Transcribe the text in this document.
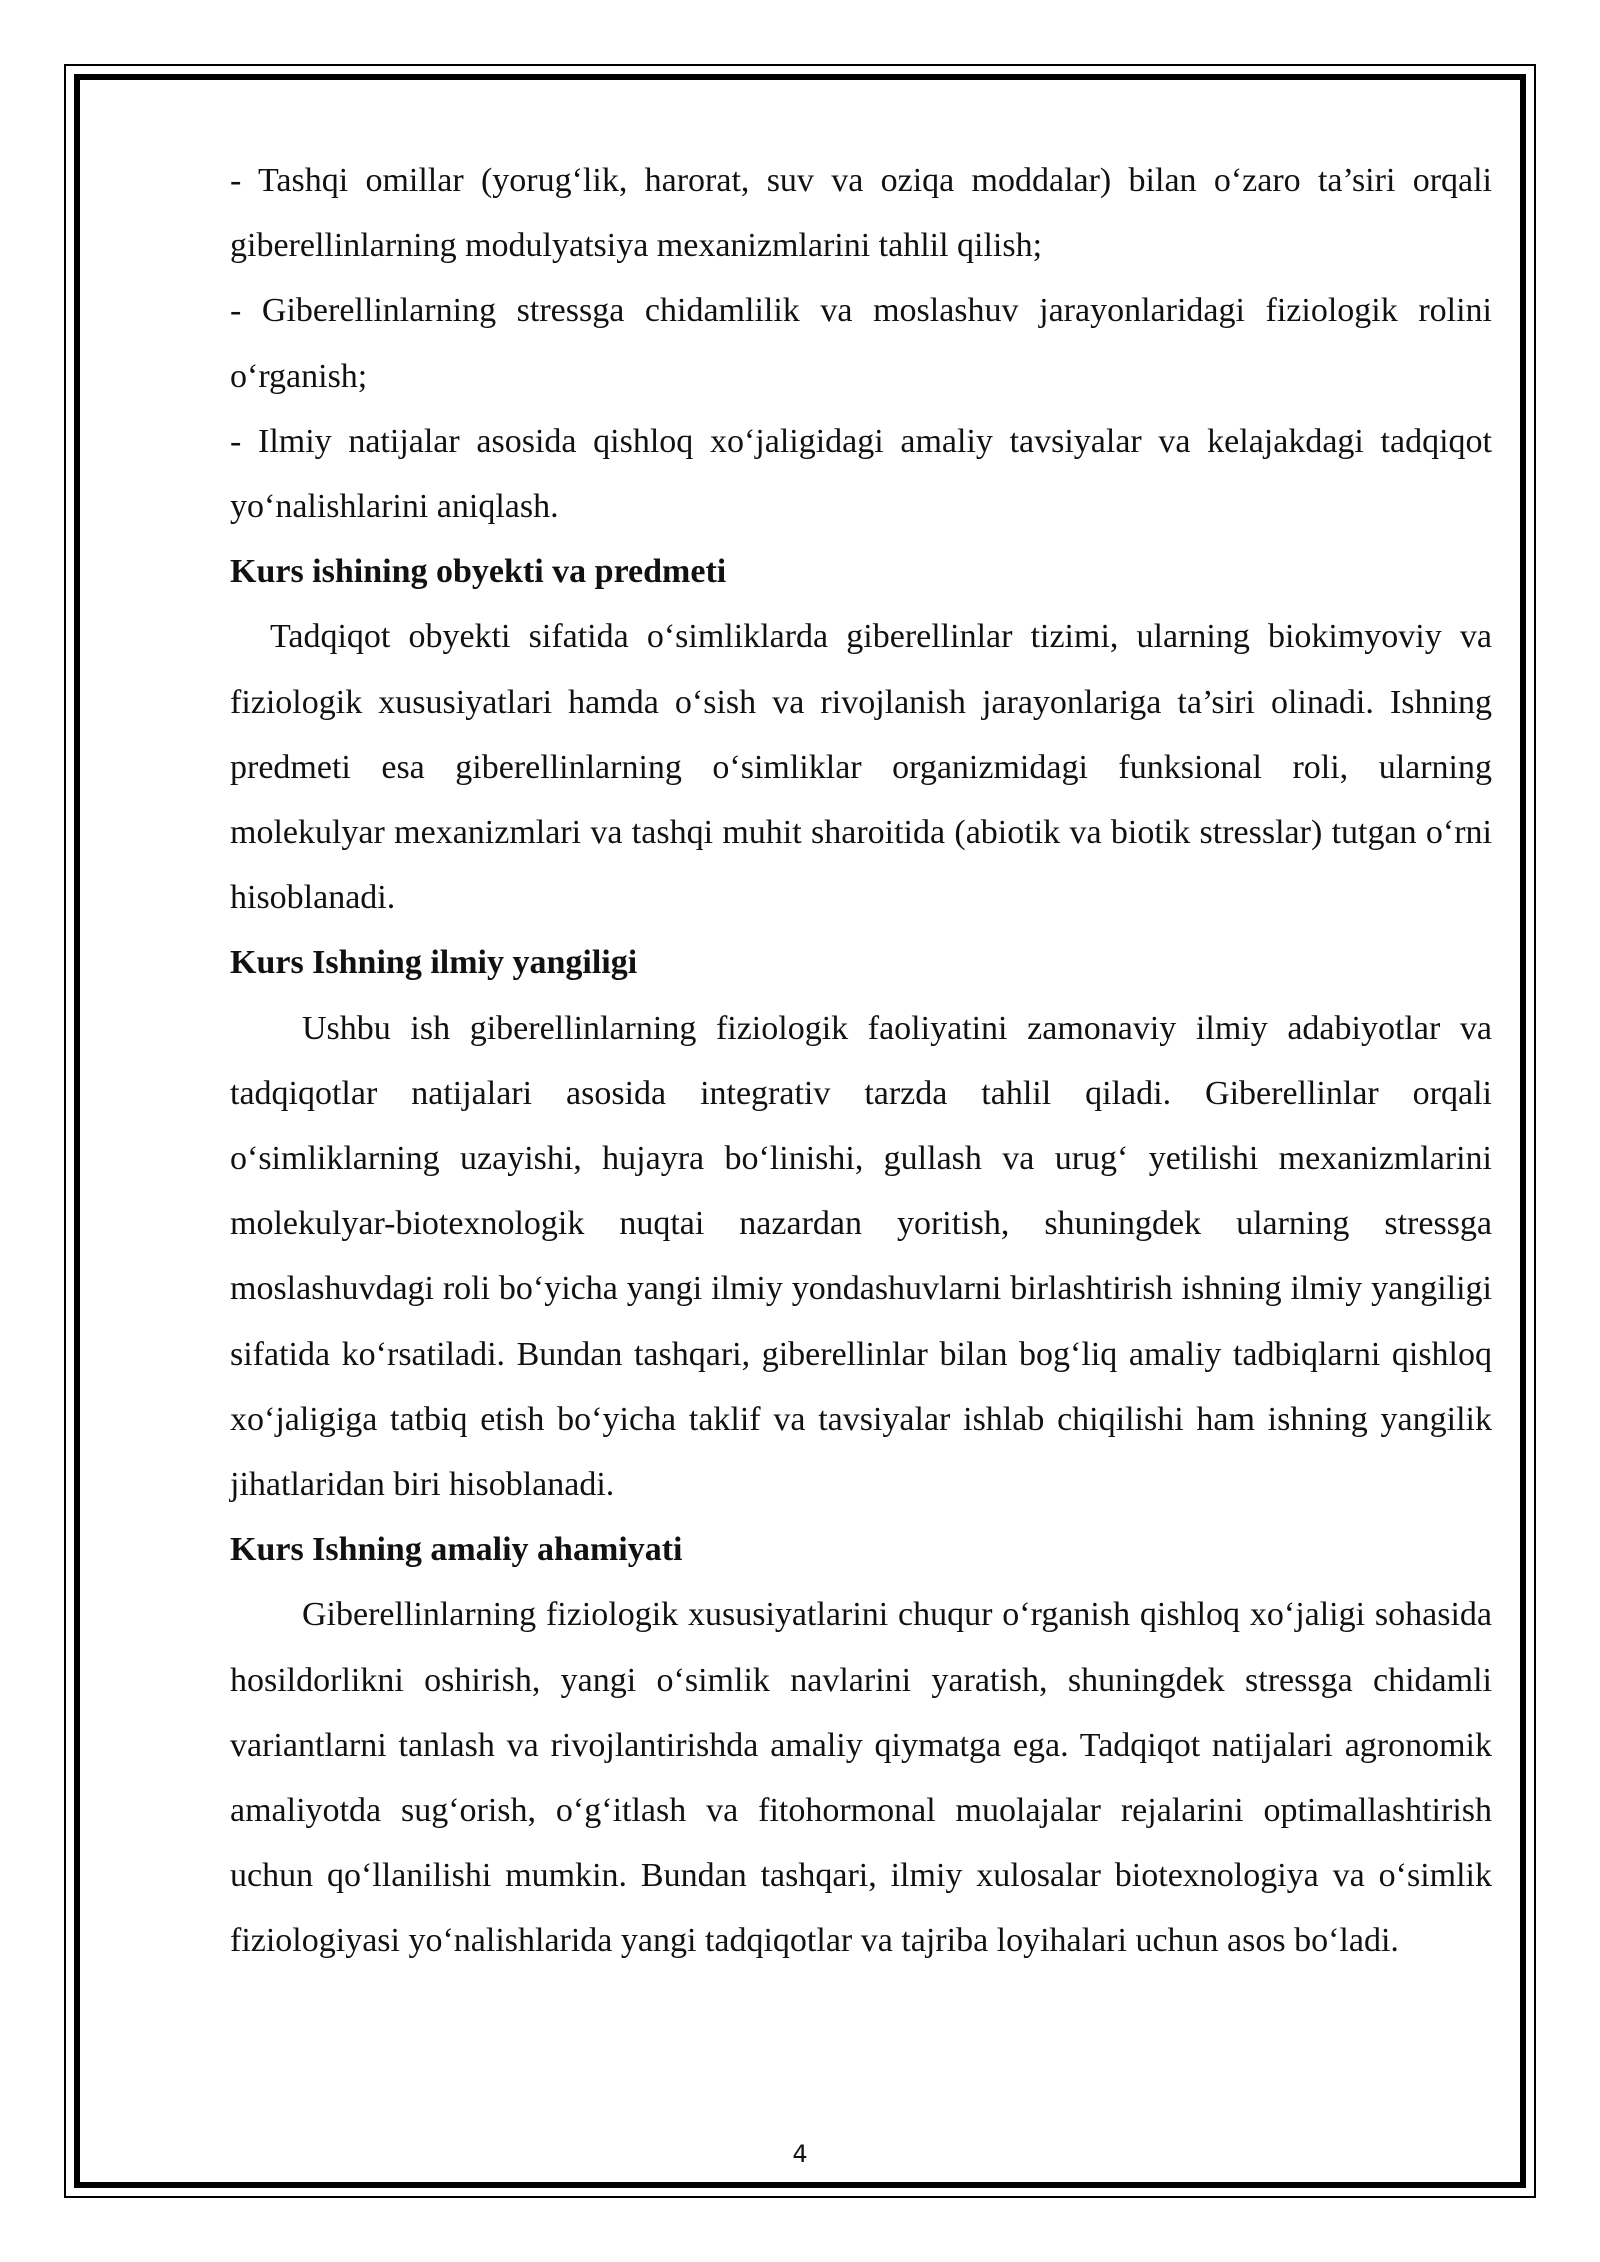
- Tashqi omillar (yorug‘lik, harorat, suv va oziqa moddalar) bilan o‘zaro ta’siri orqali giberellinlarning modulyatsiya mexanizmlarini tahlil qilish;

- Giberellinlarning stressga chidamlilik va moslashuv jarayonlaridagi fiziologik rolini o‘rganish;

- Ilmiy natijalar asosida qishloq xo‘jaligidagi amaliy tavsiyalar va kelajakdagi tadqiqot yo‘nalishlarini aniqlash.

Kurs ishining obyekti va predmeti

Tadqiqot obyekti sifatida o‘simliklarda giberellinlar tizimi, ularning biokimyoviy va fiziologik xususiyatlari hamda o‘sish va rivojlanish jarayonlariga ta’siri olinadi. Ishning predmeti esa giberellinlarning o‘simliklar organizmidagi funksional roli, ularning molekulyar mexanizmlari va tashqi muhit sharoitida (abiotik va biotik stresslar) tutgan o‘rni hisoblanadi.

Kurs Ishning ilmiy yangiligi

Ushbu ish giberellinlarning fiziologik faoliyatini zamonaviy ilmiy adabiyotlar va tadqiqotlar natijalari asosida integrativ tarzda tahlil qiladi. Giberellinlar orqali o‘simliklarning uzayishi, hujayra bo‘linishi, gullash va urug‘ yetilishi mexanizmlarini molekulyar-biotexnologik nuqtai nazardan yoritish, shuningdek ularning stressga moslashuvdagi roli bo‘yicha yangi ilmiy yondashuvlarni birlashtirish ishning ilmiy yangiligi sifatida ko‘rsatiladi. Bundan tashqari, giberellinlar bilan bog‘liq amaliy tadbiqlarni qishloq xo‘jaligiga tatbiq etish bo‘yicha taklif va tavsiyalar ishlab chiqilishi ham ishning yangilik jihatlaridan biri hisoblanadi.

Kurs Ishning amaliy ahamiyati

Giberellinlarning fiziologik xususiyatlarini chuqur o‘rganish qishloq xo‘jaligi sohasida hosildorlikni oshirish, yangi o‘simlik navlarini yaratish, shuningdek stressga chidamli variantlarni tanlash va rivojlantirishda amaliy qiymatga ega. Tadqiqot natijalari agronomik amaliyotda sug‘orish, o‘g‘itlash va fitohormonal muolajalar rejalarini optimallashtirish uchun qo‘llanilishi mumkin. Bundan tashqari, ilmiy xulosalar biotexnologiya va o‘simlik fiziologiyasi yo‘nalishlarida yangi tadqiqotlar va tajriba loyihalari uchun asos bo‘ladi.

4
